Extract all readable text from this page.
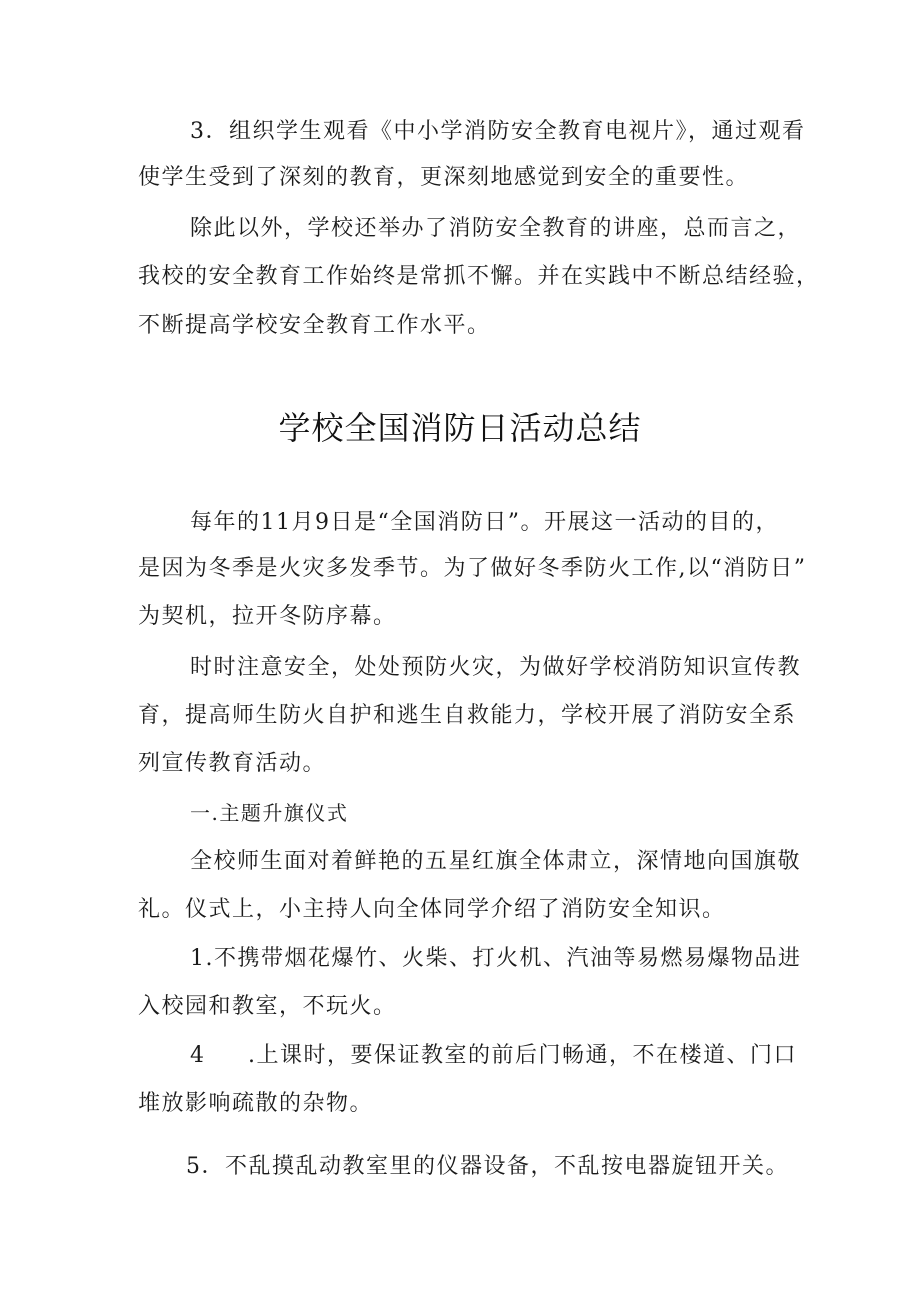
3．组织学生观看《中小学消防安全教育电视片》，通过观看
使学生受到了深刻的教育，更深刻地感觉到安全的重要性。
除此以外，学校还举办了消防安全教育的讲座，总而言之，
我校的安全教育工作始终是常抓不懈。并在实践中不断总结经验，
不断提高学校安全教育工作水平。
学校全国消防日活动总结
每年的11月9日是“全国消防日”。开展这一活动的目的，
是因为冬季是火灾多发季节。为了做好冬季防火工作,以“消防日”
为契机，拉开冬防序幕。
时时注意安全，处处预防火灾，为做好学校消防知识宣传教
育，提高师生防火自护和逃生自救能力，学校开展了消防安全系
列宣传教育活动。
一.主题升旗仪式
全校师生面对着鲜艳的五星红旗全体肃立，深情地向国旗敬
礼。仪式上，小主持人向全体同学介绍了消防安全知识。
1.不携带烟花爆竹、火柴、打火机、汽油等易燃易爆物品进
入校园和教室，不玩火。
4 .上课时，要保证教室的前后门畅通，不在楼道、门口
堆放影响疏散的杂物。
5．不乱摸乱动教室里的仪器设备，不乱按电器旋钮开关。
